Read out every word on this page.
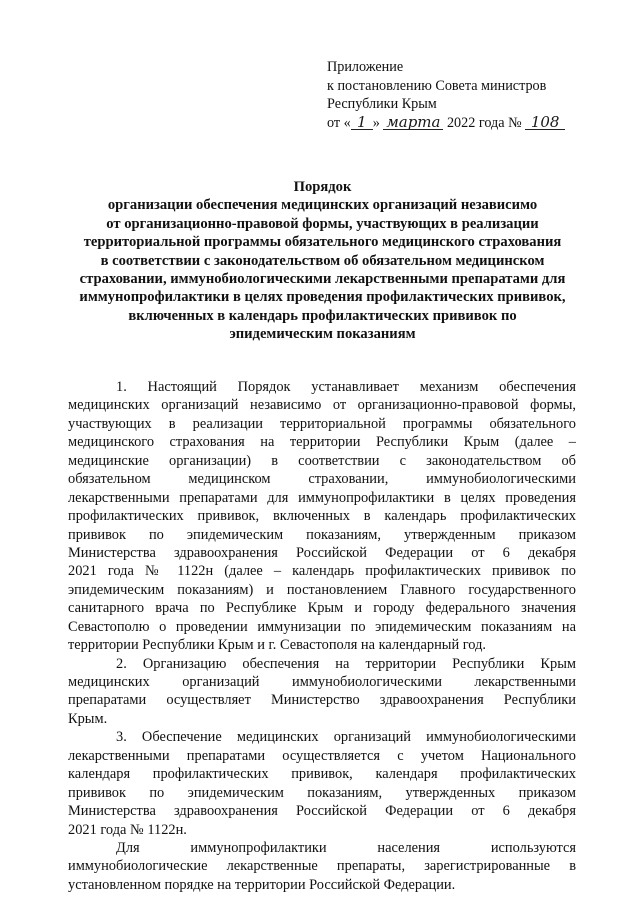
Приложение
к постановлению Совета министров
Республики Крым
от « 1 » марта 2022 года № 108
Порядок
организации обеспечения медицинских организаций независимо
от организационно-правовой формы, участвующих в реализации
территориальной программы обязательного медицинского страхования
в соответствии с законодательством об обязательном медицинском
страховании, иммунобиологическими лекарственными препаратами для
иммунопрофилактики в целях проведения профилактических прививок,
включенных в календарь профилактических прививок по
эпидемическим показаниям
1. Настоящий Порядок устанавливает механизм обеспечения
медицинских организаций независимо от организационно-правовой формы,
участвующих в реализации территориальной программы обязательного
медицинского страхования на территории Республики Крым (далее –
медицинские организации) в соответствии с законодательством об
обязательном медицинском страховании, иммунобиологическими
лекарственными препаратами для иммунопрофилактики в целях проведения
профилактических прививок, включенных в календарь профилактических
прививок по эпидемическим показаниям, утвержденным приказом
Министерства здравоохранения Российской Федерации от 6 декабря
2021 года № 1122н (далее – календарь профилактических прививок по
эпидемическим показаниям) и постановлением Главного государственного
санитарного врача по Республике Крым и городу федерального значения
Севастополю о проведении иммунизации по эпидемическим показаниям на
территории Республики Крым и г. Севастополя на календарный год.
2. Организацию обеспечения на территории Республики Крым
медицинских организаций иммунобиологическими лекарственными
препаратами осуществляет Министерство здравоохранения Республики
Крым.
3. Обеспечение медицинских организаций иммунобиологическими
лекарственными препаратами осуществляется с учетом Национального
календаря профилактических прививок, календаря профилактических
прививок по эпидемическим показаниям, утвержденных приказом
Министерства здравоохранения Российской Федерации от 6 декабря
2021 года № 1122н.
Для иммунопрофилактики населения используются
иммунобиологические лекарственные препараты, зарегистрированные в
установленном порядке на территории Российской Федерации.
